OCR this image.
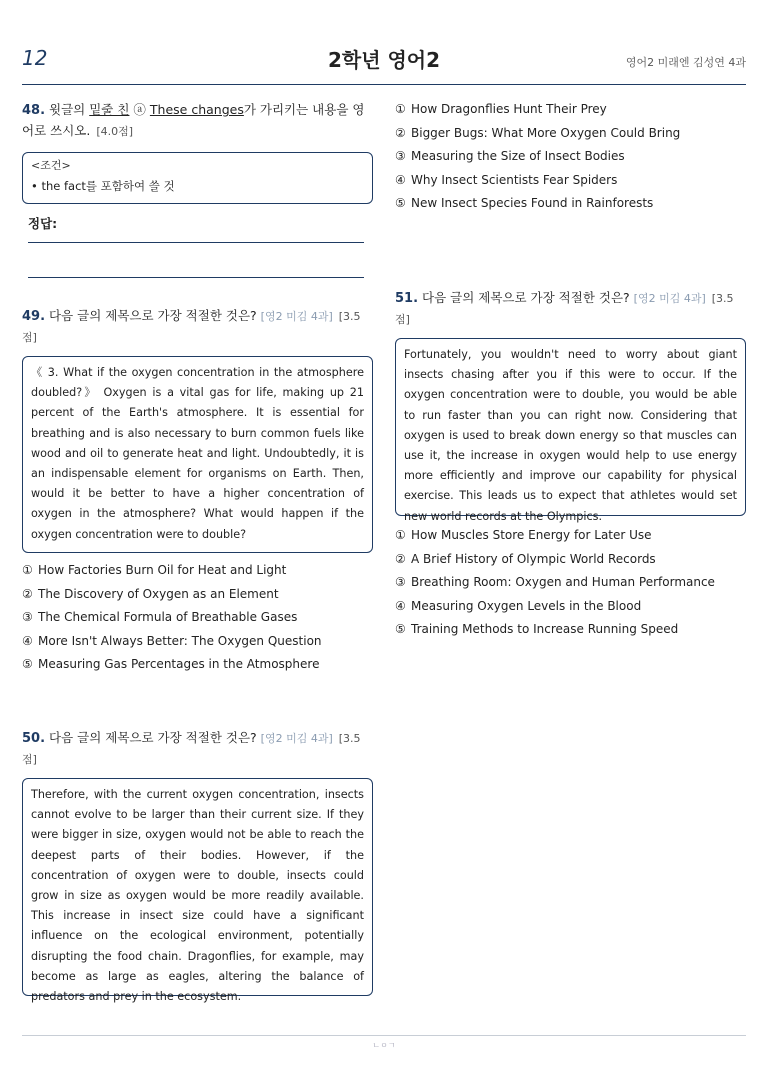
12	2학년 영어2	영어2 미래엔 김성연 4과
48. 윗글의 밑줄 친 ⓐ These changes가 가리키는 내용을 영어로 쓰시오. [4.0점]
<조건>
• the fact를 포함하여 쓸 것
정답:
49. 다음 글의 제목으로 가장 적절한 것은? [영2 미김 4과] [3.5점]
《 3. What if the oxygen concentration in the atmosphere doubled?》 Oxygen is a vital gas for life, making up 21 percent of the Earth's atmosphere. It is essential for breathing and is also necessary to burn common fuels like wood and oil to generate heat and light. Undoubtedly, it is an indispensable element for organisms on Earth. Then, would it be better to have a higher concentration of oxygen in the atmosphere? What would happen if the oxygen concentration were to double?
① How Factories Burn Oil for Heat and Light
② The Discovery of Oxygen as an Element
③ The Chemical Formula of Breathable Gases
④ More Isn't Always Better: The Oxygen Question
⑤ Measuring Gas Percentages in the Atmosphere
50. 다음 글의 제목으로 가장 적절한 것은? [영2 미김 4과] [3.5점]
Therefore, with the current oxygen concentration, insects cannot evolve to be larger than their current size. If they were bigger in size, oxygen would not be able to reach the deepest parts of their bodies. However, if the concentration of oxygen were to double, insects could grow in size as oxygen would be more readily available. This increase in insect size could have a significant influence on the ecological environment, potentially disrupting the food chain. Dragonflies, for example, may become as large as eagles, altering the balance of predators and prey in the ecosystem.
① How Dragonflies Hunt Their Prey
② Bigger Bugs: What More Oxygen Could Bring
③ Measuring the Size of Insect Bodies
④ Why Insect Scientists Fear Spiders
⑤ New Insect Species Found in Rainforests
51. 다음 글의 제목으로 가장 적절한 것은? [영2 미김 4과] [3.5점]
Fortunately, you wouldn't need to worry about giant insects chasing after you if this were to occur. If the oxygen concentration were to double, you would be able to run faster than you can right now. Considering that oxygen is used to break down energy so that muscles can use it, the increase in oxygen would help to use energy more efficiently and improve our capability for physical exercise. This leads us to expect that athletes would set new world records at the Olympics.
① How Muscles Store Energy for Later Use
② A Brief History of Olympic World Records
③ Breathing Room: Oxygen and Human Performance
④ Measuring Oxygen Levels in the Blood
⑤ Training Methods to Increase Running Speed
ㄴㅇㄱ
